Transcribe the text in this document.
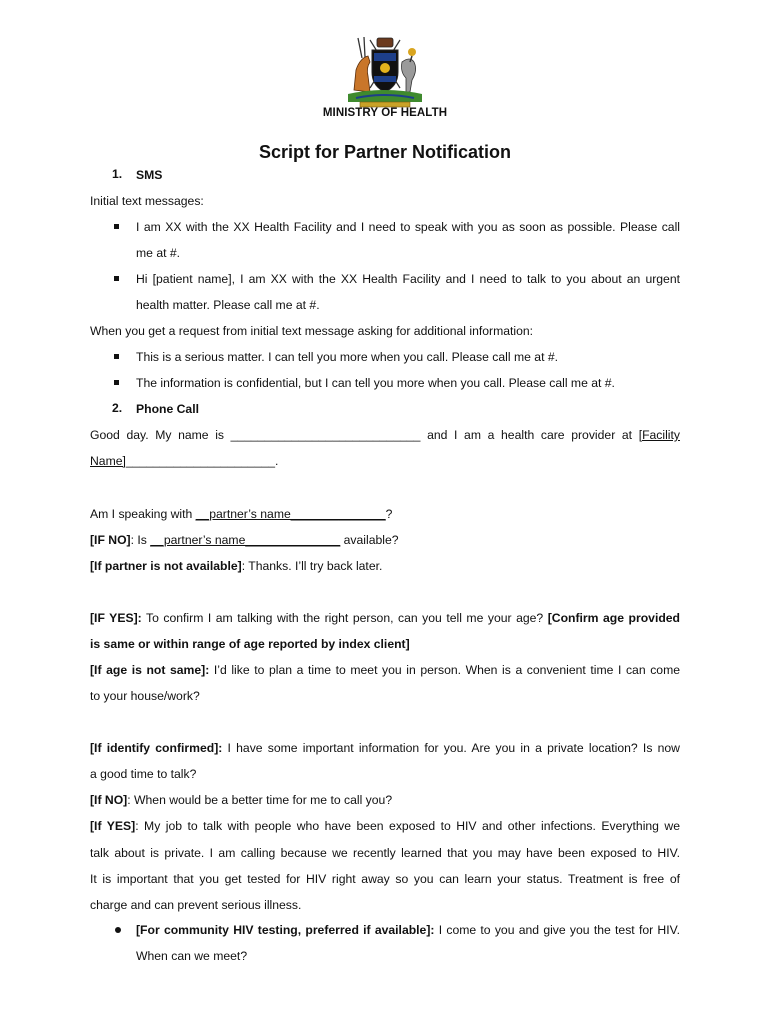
MINISTRY OF HEALTH
Script for Partner Notification
1. SMS
Initial text messages:
I am XX with the XX Health Facility and I need to speak with you as soon as possible. Please call
me at #.
Hi [patient name], I am XX with the XX Health Facility and I need to talk to you about an urgent
health matter. Please call me at #.
When you get a request from initial text message asking for additional information:
This is a serious matter. I can tell you more when you call. Please call me at #.
The information is confidential, but I can tell you more when you call. Please call me at #.
2. Phone Call
Good day. My name is ____________________________ and I am a health care provider at [Facility
Name]______________________.
Am I speaking with __partner’s name______________?
[IF NO]: Is __partner’s name______________ available?
[If partner is not available]: Thanks. I’ll try back later.
[IF YES]: To confirm I am talking with the right person, can you tell me your age? [Confirm age provided
is same or within range of age reported by index client]
[If age is not same]: I’d like to plan a time to meet you in person. When is a convenient time I can come
to your house/work?
[If identify confirmed]: I have some important information for you. Are you in a private location? Is now
a good time to talk?
[If NO]: When would be a better time for me to call you?
[If YES]: My job to talk with people who have been exposed to HIV and other infections. Everything we
talk about is private. I am calling because we recently learned that you may have been exposed to HIV.
It is important that you get tested for HIV right away so you can learn your status. Treatment is free of
charge and can prevent serious illness.
[For community HIV testing, preferred if available]: I come to you and give you the test for HIV.
When can we meet?
